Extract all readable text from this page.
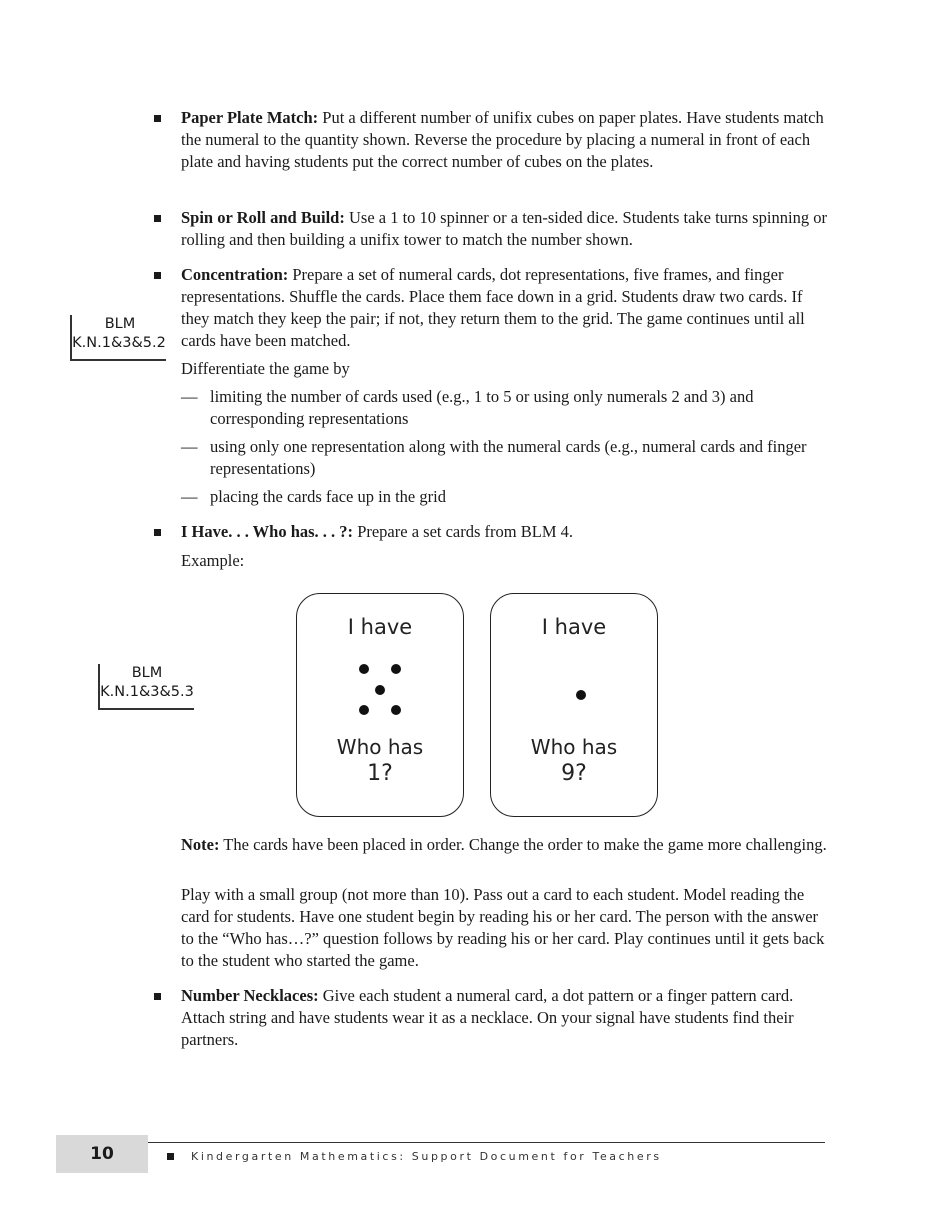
Paper Plate Match: Put a different number of unifix cubes on paper plates. Have students match the numeral to the quantity shown. Reverse the procedure by placing a numeral in front of each plate and having students put the correct number of cubes on the plates.
Spin or Roll and Build: Use a 1 to 10 spinner or a ten-sided dice. Students take turns spinning or rolling and then building a unifix tower to match the number shown.
Concentration: Prepare a set of numeral cards, dot representations, five frames, and finger representations. Shuffle the cards. Place them face down in a grid. Students draw two cards. If they match they keep the pair; if not, they return them to the grid. The game continues until all cards have been matched.
Differentiate the game by
— limiting the number of cards used (e.g., 1 to 5 or using only numerals 2 and 3) and corresponding representations
— using only one representation along with the numeral cards (e.g., numeral cards and finger representations)
— placing the cards face up in the grid
BLM
K.N.1&3&5.2
I Have. . . Who has. . . ?: Prepare a set cards from BLM 4.
Example:
BLM
K.N.1&3&5.3
I have
Who has
1?
I have
Who has
9?
Note: The cards have been placed in order. Change the order to make the game more challenging.
Play with a small group (not more than 10). Pass out a card to each student. Model reading the card for students. Have one student begin by reading his or her card. The person with the answer to the “Who has…?” question follows by reading his or her card. Play continues until it gets back to the student who started the game.
Number Necklaces: Give each student a numeral card, a dot pattern or a finger pattern card. Attach string and have students wear it as a necklace. On your signal have students find their partners.
10	Kindergarten Mathematics: Support Document for Teachers
